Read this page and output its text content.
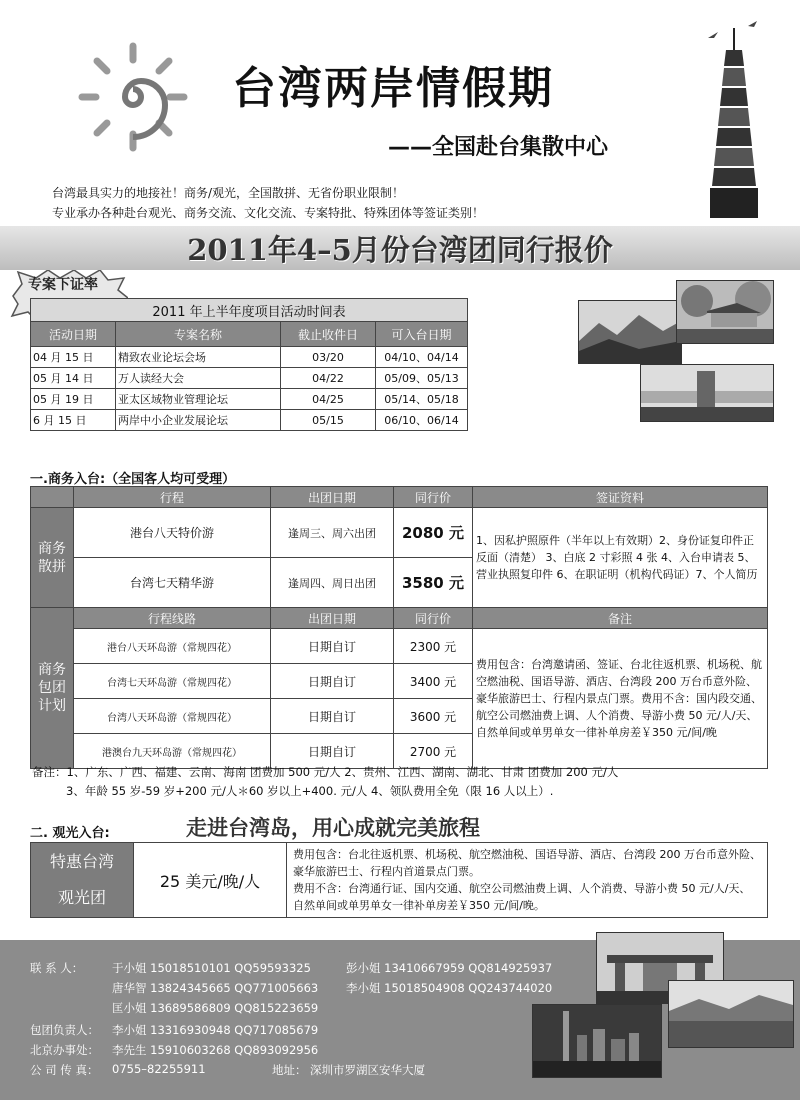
台湾两岸情假期
——全国赴台集散中心
台湾最具实力的地接社！商务/观光，全国散拼、无省份职业限制！
专业承办各种赴台观光、商务交流、文化交流、专案特批、特殊团体等签证类别！
2011年4–5月份台湾团同行报价
专案下证率
2011 年上半年度项目活动时间表			
活动日期	专案名称	截止收件日	可入台日期
04 月 15 日	精致农业论坛会场	03/20	04/10、04/14
05 月 14 日	万人读经大会	04/22	05/09、05/13
05 月 19 日	亚太区域物业管理论坛	04/25	05/14、05/18
6 月 15 日	两岸中小企业发展论坛	05/15	06/10、06/14
一.商务入台:（全国客人均可受理）
	行程	出团日期	同行价	签证资料
商务散拼	港台八天特价游	逢周三、周六出团	2080 元	1、因私护照原件（半年以上有效期）2、身份证复印件正反面（清楚） 3、白底 2 寸彩照 4 张 4、入台申请表 5、营业执照复印件 6、在职证明（机构代码证）7、个人简历
	台湾七天精华游	逢周四、周日出团	3580 元	
商务包团计划	行程线路	出团日期	同行价	备注
	港台八天环岛游（常规四花）	日期自订	2300 元	费用包含：台湾邀请函、签证、台北往返机票、机场税、航空燃油税、国语导游、酒店、台湾段 200 万台币意外险、豪华旅游巴士、行程内景点门票。费用不含：国内段交通、航空公司燃油费上调、人个消费、导游小费 50 元/人/天、自然单间或单男单女一律补单房差￥350 元/间/晚
	台湾七天环岛游（常规四花）	日期自订	3400 元	
	台湾八天环岛游（常规四花）	日期自订	3600 元	
	港澳台九天环岛游（常规四花）	日期自订	2700 元	
备注：1、广东、广西、福建、云南、海南 团费加 500 元/人 2、贵州、江西、湖南、湖北、甘肃 团费加 200 元/人
3、年龄 55 岁-59 岁+200 元/人＊60 岁以上+400. 元/人 4、领队费用全免（限 16 人以上）.
二. 观光入台:	走进台湾岛，用心成就完美旅程
特惠台湾
观光团
	25 美元/晚/人	
费用包含：台北往返机票、机场税、航空燃油税、国语导游、酒店、台湾段 200 万台币意外险、豪华旅游巴士、行程内首道景点门票。
费用不含：台湾通行证、国内交通、航空公司燃油费上调、人个消费、导游小费 50 元/人/天、自然单间或单男单女一律补单房差￥350 元/间/晚。
联 系 人： 于小姐 15018510101 QQ59593325	彭小姐 13410667959 QQ814925937
唐华智 13824345665 QQ771005663 李小姐 15018504908 QQ243744020
匡小姐 13689586809 QQ815223659
包团负责人： 李小姐 13316930948 QQ717085679
北京办事处： 李先生 15910603268 QQ893092956
公 司 传 真： 0755–82255911	地址： 深圳市罗湖区安华大厦
